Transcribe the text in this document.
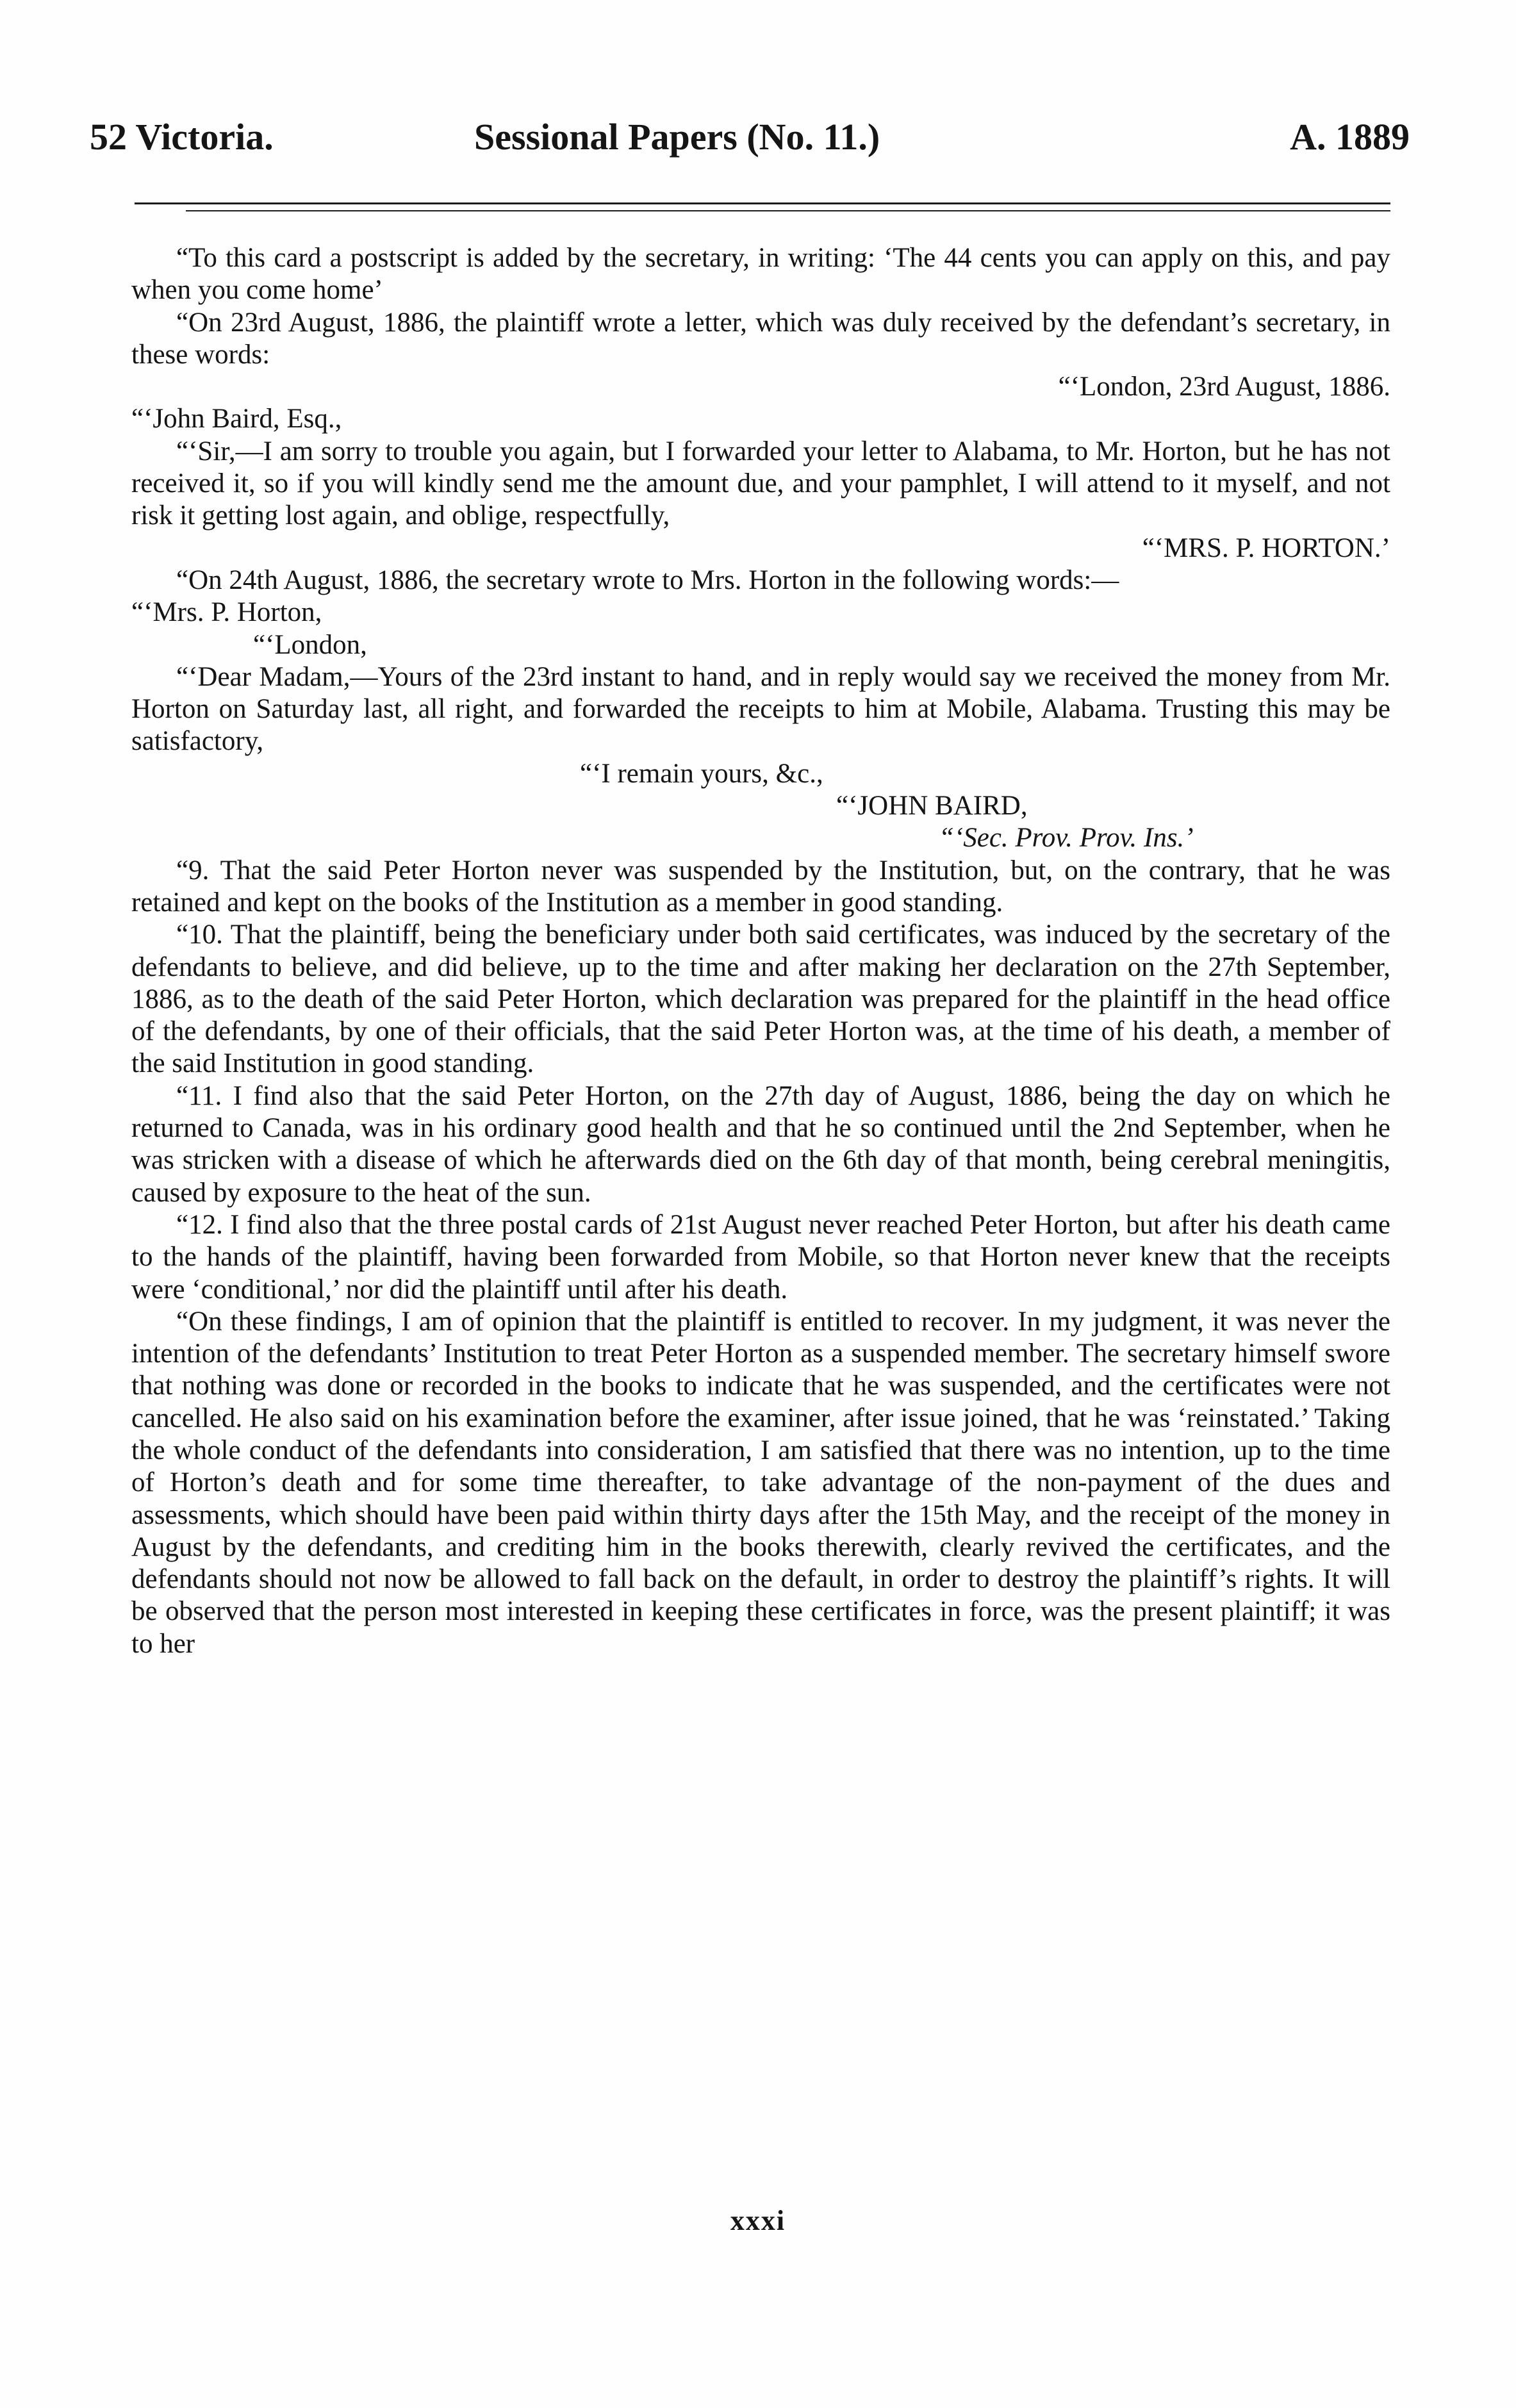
52 Victoria.	Sessional Papers (No. 11.)	A. 1889

“To this card a postscript is added by the secretary, in writing: ‘The 44 cents you can apply on this, and pay when you come home’

“On 23rd August, 1886, the plaintiff wrote a letter, which was duly received by the defendant’s secretary, in these words:

“‘London, 23rd August, 1886.

“‘John Baird, Esq.,

“‘Sir,—I am sorry to trouble you again, but I forwarded your letter to Alabama, to Mr. Horton, but he has not received it, so if you will kindly send me the amount due, and your pamphlet, I will attend to it myself, and not risk it getting lost again, and oblige, respectfully,

“‘MRS. P. HORTON.’

“On 24th August, 1886, the secretary wrote to Mrs. Horton in the following words:—

“‘Mrs. P. Horton,

“‘London,

“‘Dear Madam,—Yours of the 23rd instant to hand, and in reply would say we received the money from Mr. Horton on Saturday last, all right, and forwarded the receipts to him at Mobile, Alabama. Trusting this may be satisfactory,

“‘I remain yours, &c.,

“‘JOHN BAIRD,

“‘Sec. Prov. Prov. Ins.’

“9. That the said Peter Horton never was suspended by the Institution, but, on the contrary, that he was retained and kept on the books of the Institution as a member in good standing.

“10. That the plaintiff, being the beneficiary under both said certificates, was induced by the secretary of the defendants to believe, and did believe, up to the time and after making her declaration on the 27th September, 1886, as to the death of the said Peter Horton, which declaration was prepared for the plaintiff in the head office of the defendants, by one of their officials, that the said Peter Horton was, at the time of his death, a member of the said Institution in good standing.

“11. I find also that the said Peter Horton, on the 27th day of August, 1886, being the day on which he returned to Canada, was in his ordinary good health and that he so continued until the 2nd September, when he was stricken with a disease of which he afterwards died on the 6th day of that month, being cerebral meningitis, caused by exposure to the heat of the sun.

“12. I find also that the three postal cards of 21st August never reached Peter Horton, but after his death came to the hands of the plaintiff, having been forwarded from Mobile, so that Horton never knew that the receipts were ‘conditional,’ nor did the plaintiff until after his death.

“On these findings, I am of opinion that the plaintiff is entitled to recover. In my judgment, it was never the intention of the defendants’ Institution to treat Peter Horton as a suspended member. The secretary himself swore that nothing was done or recorded in the books to indicate that he was suspended, and the certificates were not cancelled. He also said on his examination before the examiner, after issue joined, that he was ‘reinstated.’ Taking the whole conduct of the defendants into consideration, I am satisfied that there was no intention, up to the time of Horton’s death and for some time thereafter, to take advantage of the non-payment of the dues and assessments, which should have been paid within thirty days after the 15th May, and the receipt of the money in August by the defendants, and crediting him in the books therewith, clearly revived the certificates, and the defendants should not now be allowed to fall back on the default, in order to destroy the plaintiff’s rights. It will be observed that the person most interested in keeping these certificates in force, was the present plaintiff; it was to her

xxxi
